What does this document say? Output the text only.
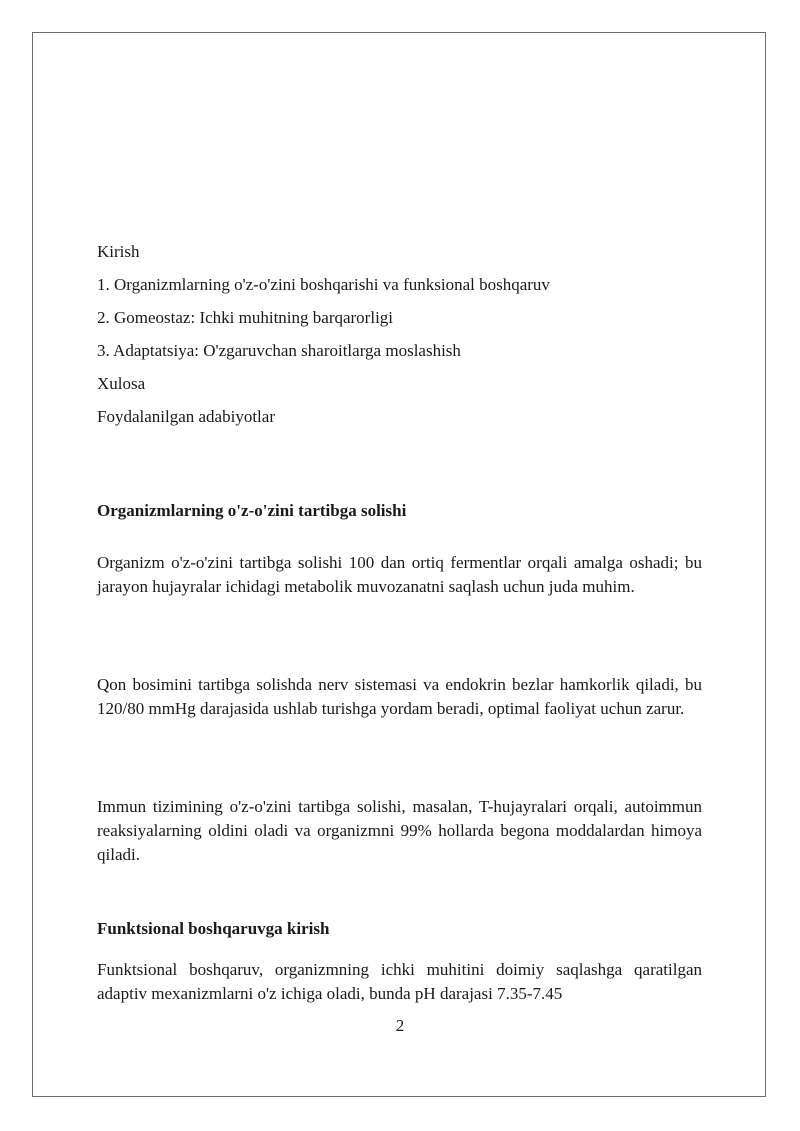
Kirish
1. Organizmlarning o'z-o'zini boshqarishi va funksional boshqaruv
2. Gomeostaz: Ichki muhitning barqarorligi
3. Adaptatsiya: O'zgaruvchan sharoitlarga moslashish
Xulosa
Foydalanilgan adabiyotlar
Organizmlarning o'z-o'zini tartibga solishi

Organizm o'z-o'zini tartibga solishi 100 dan ortiq fermentlar orqali amalga oshadi; bu jarayon hujayralar ichidagi metabolik muvozanatni saqlash uchun juda muhim.

Qon bosimini tartibga solishda nerv sistemasi va endokrin bezlar hamkorlik qiladi, bu 120/80 mmHg darajasida ushlab turishga yordam beradi, optimal faoliyat uchun zarur.

Immun tizimining o'z-o'zini tartibga solishi, masalan, T-hujayralari orqali, autoimmun reaksiyalarning oldini oladi va organizmni 99% hollarda begona moddalardan himoya qiladi.

Funktsional boshqaruvga kirish

Funktsional boshqaruv, organizmning ichki muhitini doimiy saqlashga qaratilgan adaptiv mexanizmlarni o'z ichiga oladi, bunda pH darajasi 7.35-7.45

2
